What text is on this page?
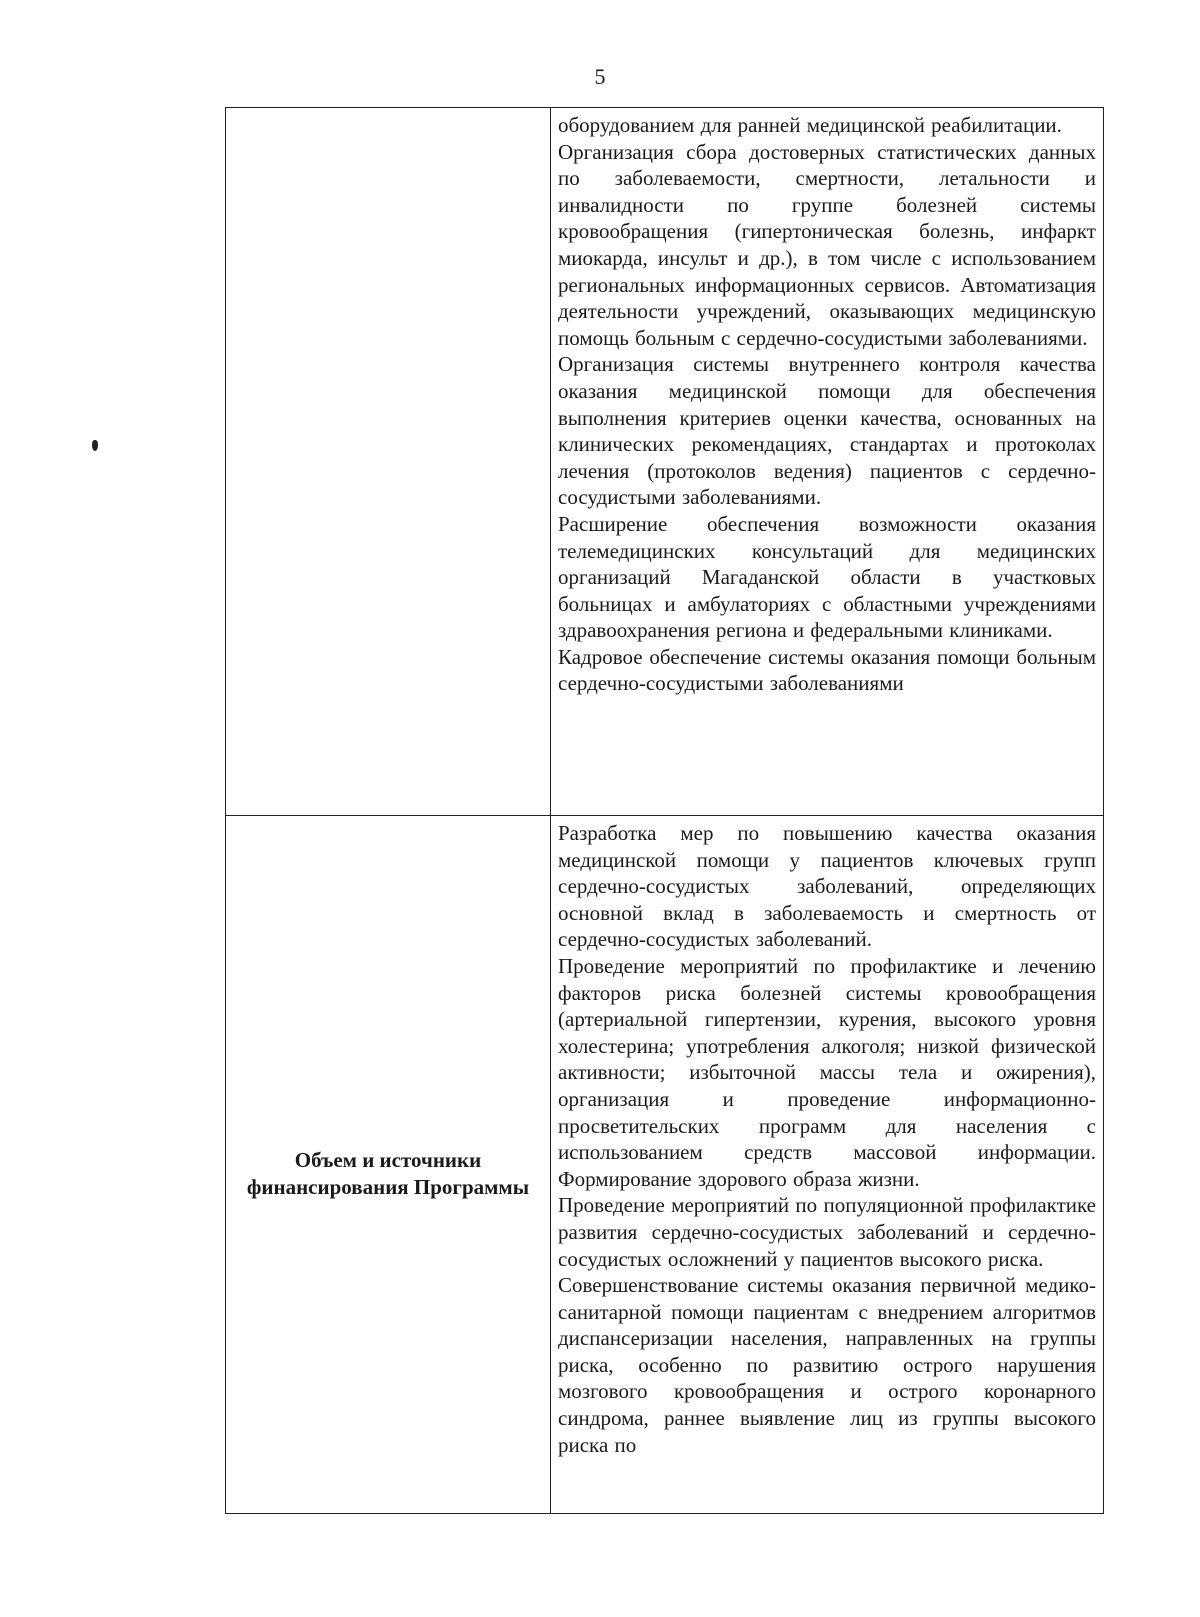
5

	оборудованием для ранней медицинской реабилитации.

Организация сбора достоверных статистических данных по заболеваемости, смертности, летальности и инвалидности по группе болезней системы кровообращения (гипертоническая болезнь, инфаркт миокарда, инсульт и др.), в том числе с использованием региональных информационных сервисов. Автоматизация деятельности учреждений, оказывающих медицинскую помощь больным с сердечно-сосудистыми заболеваниями.

Организация системы внутреннего контроля качества оказания медицинской помощи для обеспечения выполнения критериев оценки качества, основанных на клинических рекомендациях, стандартах и протоколах лечения (протоколов ведения) пациентов с сердечно-сосудистыми заболеваниями.

Расширение обеспечения возможности оказания телемедицинских консультаций для медицинских организаций Магаданской области в участковых больницах и амбулаториях с областными учреждениями здравоохранения региона и федеральными клиниками.

Кадровое обеспечение системы оказания помощи больным сердечно-сосудистыми заболеваниями

Объем и источники финансирования Программы	Разработка мер по повышению качества оказания медицинской помощи у пациентов ключевых групп сердечно-сосудистых заболеваний, определяющих основной вклад в заболеваемость и смертность от сердечно-сосудистых заболеваний.

Проведение мероприятий по профилактике и лечению факторов риска болезней системы кровообращения (артериальной гипертензии, курения, высокого уровня холестерина; употребления алкоголя; низкой физической активности; избыточной массы тела и ожирения), организация и проведение информационно-просветительских программ для населения с использованием средств массовой информации. Формирование здорового образа жизни.

Проведение мероприятий по популяционной профилактике развития сердечно-сосудистых заболеваний и сердечно-сосудистых осложнений у пациентов высокого риска.

Совершенствование системы оказания первичной медико-санитарной помощи пациентам с внедрением алгоритмов диспансеризации населения, направленных на группы риска, особенно по развитию острого нарушения мозгового кровообращения и острого коронарного синдрома, раннее выявление лиц из группы высокого риска по
